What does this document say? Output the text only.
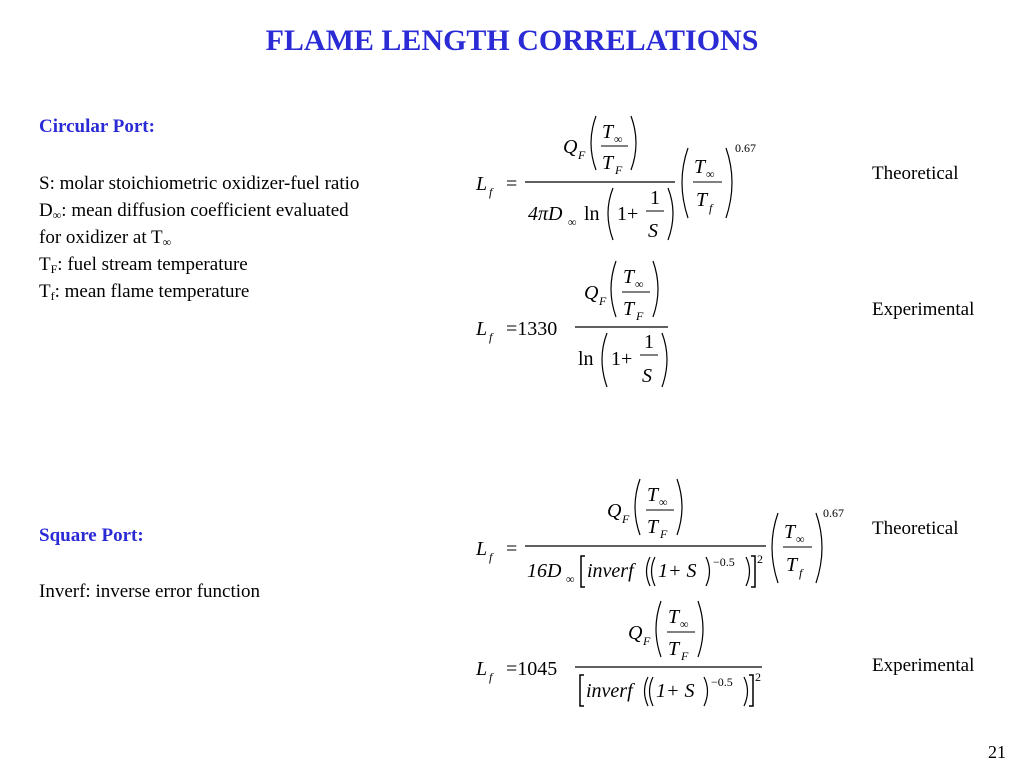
FLAME LENGTH CORRELATIONS
Circular Port:
S: molar stoichiometric oxidizer-fuel ratio
$D_\infty$: mean diffusion coefficient evaluated
for oxidizer at $T_\infty$
$T_F$: fuel stream temperature
$T_f$: mean flame temperature
Square Port:
Inverf: inverse error function
Theoretical
Experimental
Theoretical
Experimental
L f =
Q F
T ∞
T F
4πD ∞ ln 1+
1
S
T ∞
T f
0.67
L f =1330
Q F
T ∞
T F
ln 1+
1
S
L f =
Q F
T ∞
T F
16D ∞ inverf 1+ S −0.5 2
T ∞
T f
0.67
L f =1045
Q F
T ∞
T F
inverf 1+ S −0.5 2
21
